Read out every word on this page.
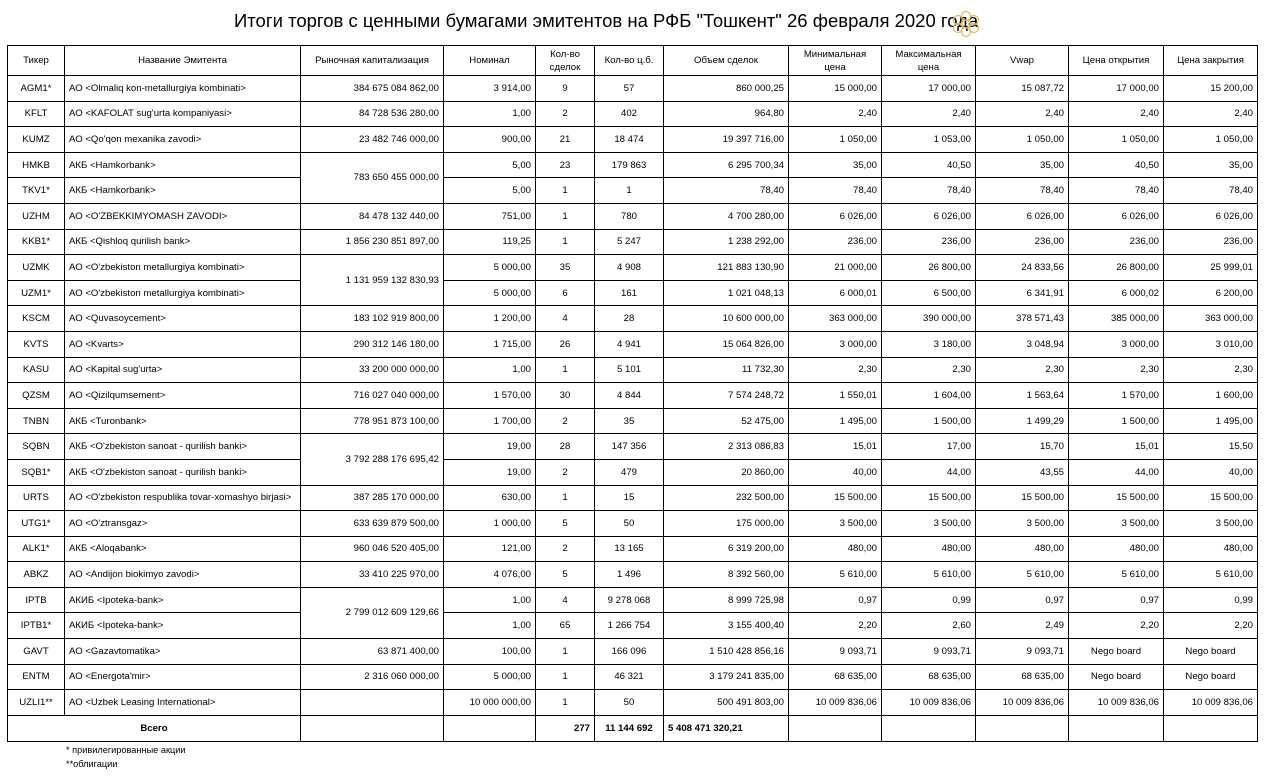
Итоги торгов с ценными бумагами эмитентов на РФБ "Тошкент" 26 февраля 2020 года
Тикер	Название Эмитента	Рыночная капитализация	Номинал	Кол-во сделок	Кол-во ц.б.	Объем сделок	Минимальная цена	Максимальная цена	Vwap	Цена открытия	Цена закрытия
AGM1*	АО <Olmaliq kon-metallurgiya kombinati>	384 675 084 862,00	3 914,00	9	57	860 000,25	15 000,00	17 000,00	15 087,72	17 000,00	15 200,00
KFLT	АО <KAFOLAT sug'urta kompaniyasi>	84 728 536 280,00	1,00	2	402	964,80	2,40	2,40	2,40	2,40	2,40
KUMZ	АО <Qo'qon mexanika zavodi>	23 482 746 000,00	900,00	21	18 474	19 397 716,00	1 050,00	1 053,00	1 050,00	1 050,00	1 050,00
HMKB	АКБ <Hamkorbank>	783 650 455 000,00	5,00	23	179 863	6 295 700,34	35,00	40,50	35,00	40,50	35,00
TKV1*	АКБ <Hamkorbank>		5,00	1	1	78,40	78,40	78,40	78,40	78,40	78,40
UZHM	АО <O'ZBEKKIMYOMASH ZAVODI>	84 478 132 440,00	751,00	1	780	4 700 280,00	6 026,00	6 026,00	6 026,00	6 026,00	6 026,00
KKB1*	АКБ <Qishloq qurilish bank>	1 856 230 851 897,00	119,25	1	5 247	1 238 292,00	236,00	236,00	236,00	236,00	236,00
UZMK	АО <O'zbekiston metallurgiya kombinati>	1 131 959 132 830,93	5 000,00	35	4 908	121 883 130,90	21 000,00	26 800,00	24 833,56	26 800,00	25 999,01
UZM1*	АО <O'zbekiston metallurgiya kombinati>		5 000,00	6	161	1 021 048,13	6 000,01	6 500,00	6 341,91	6 000,02	6 200,00
KSCM	АО <Quvasoycement>	183 102 919 800,00	1 200,00	4	28	10 600 000,00	363 000,00	390 000,00	378 571,43	385 000,00	363 000,00
KVTS	АО <Kvarts>	290 312 146 180,00	1 715,00	26	4 941	15 064 826,00	3 000,00	3 180,00	3 048,94	3 000,00	3 010,00
KASU	АО <Kapital sug'urta>	33 200 000 000,00	1,00	1	5 101	11 732,30	2,30	2,30	2,30	2,30	2,30
QZSM	АО <Qizilqumsement>	716 027 040 000,00	1 570,00	30	4 844	7 574 248,72	1 550,01	1 604,00	1 563,64	1 570,00	1 600,00
TNBN	АКБ <Turonbank>	778 951 873 100,00	1 700,00	2	35	52 475,00	1 495,00	1 500,00	1 499,29	1 500,00	1 495,00
SQBN	АКБ <O'zbekiston sanoat - qurilish banki>	3 792 288 176 695,42	19,00	28	147 356	2 313 086,83	15,01	17,00	15,70	15,01	15,50
SQB1*	АКБ <O'zbekiston sanoat - qurilish banki>		19,00	2	479	20 860,00	40,00	44,00	43,55	44,00	40,00
URTS	АО <O'zbekiston respublika tovar-xomashyo birjasi>	387 285 170 000,00	630,00	1	15	232 500,00	15 500,00	15 500,00	15 500,00	15 500,00	15 500,00
UTG1*	АО <O'ztransgaz>	633 639 879 500,00	1 000,00	5	50	175 000,00	3 500,00	3 500,00	3 500,00	3 500,00	3 500,00
ALK1*	АКБ <Aloqabank>	960 046 520 405,00	121,00	2	13 165	6 319 200,00	480,00	480,00	480,00	480,00	480,00
ABKZ	АО <Andijon biokimyo zavodi>	33 410 225 970,00	4 076,00	5	1 496	8 392 560,00	5 610,00	5 610,00	5 610,00	5 610,00	5 610,00
IPTB	АКИБ <Ipoteka-bank>	2 799 012 609 129,66	1,00	4	9 278 068	8 999 725,98	0,97	0,99	0,97	0,97	0,99
IPTB1*	АКИБ <Ipoteka-bank>		1,00	65	1 266 754	3 155 400,40	2,20	2,60	2,49	2,20	2,20
GAVT	АО <Gazavtomatika>	63 871 400,00	100,00	1	166 096	1 510 428 856,16	9 093,71	9 093,71	9 093,71	Nego board	Nego board
ENTM	АО <Energota'mir>	2 316 060 000,00	5 000,00	1	46 321	3 179 241 835,00	68 635,00	68 635,00	68 635,00	Nego board	Nego board
UZLI1**	АО <Uzbek Leasing International>		10 000 000,00	1	50	500 491 803,00	10 009 836,06	10 009 836,06	10 009 836,06	10 009 836,06	10 009 836,06
Всего				277	11 144 692	5 408 471 320,21					
* привилегированные акции
**облигации
